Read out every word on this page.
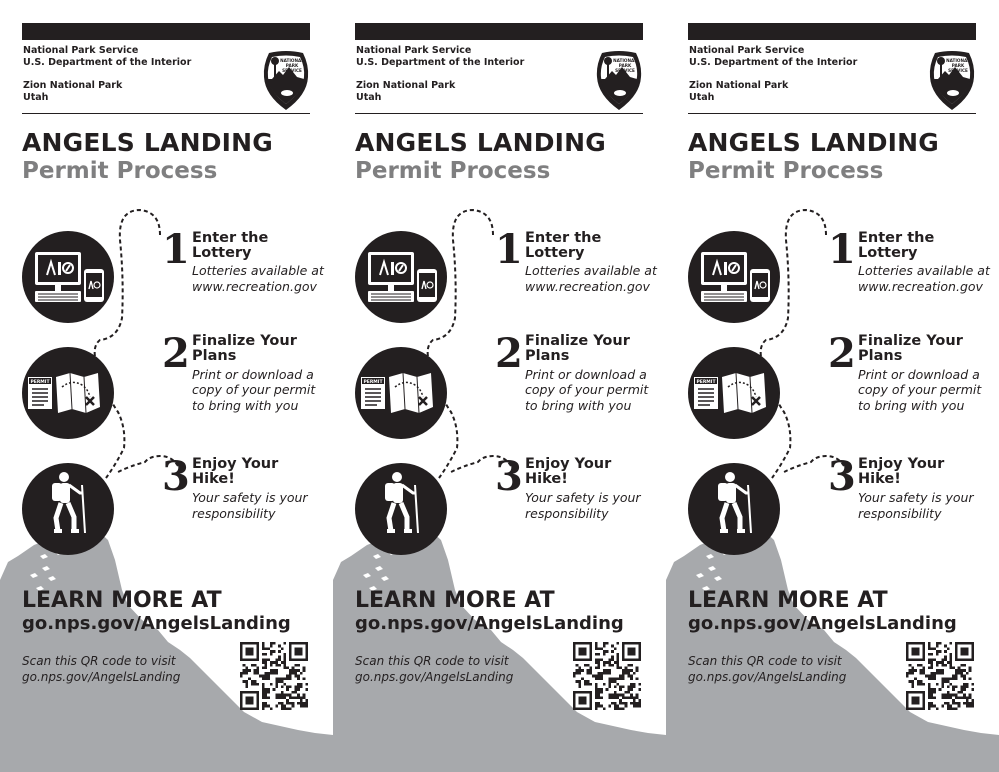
National Park Service
U.S. Department of the Interior
Zion National Park
Utah
NATIONAL
PARK
SERVICE
ANGELS LANDING
Permit Process
PERMIT
1 Enter the
Lottery
Lotteries available at
www.recreation.gov
2 Finalize Your
Plans
Print or download a
copy of your permit
to bring with you
3 Enjoy Your
Hike!
Your safety is your
responsibility
LEARN MORE AT
go.nps.gov/AngelsLanding
Scan this QR code to visit
go.nps.gov/AngelsLanding
National Park Service
U.S. Department of the Interior
Zion National Park
Utah
NATIONAL
PARK
SERVICE
ANGELS LANDING
Permit Process
PERMIT
1 Enter the
Lottery
Lotteries available at
www.recreation.gov
2 Finalize Your
Plans
Print or download a
copy of your permit
to bring with you
3 Enjoy Your
Hike!
Your safety is your
responsibility
LEARN MORE AT
go.nps.gov/AngelsLanding
Scan this QR code to visit
go.nps.gov/AngelsLanding
National Park Service
U.S. Department of the Interior
Zion National Park
Utah
NATIONAL
PARK
SERVICE
ANGELS LANDING
Permit Process
PERMIT
1 Enter the
Lottery
Lotteries available at
www.recreation.gov
2 Finalize Your
Plans
Print or download a
copy of your permit
to bring with you
3 Enjoy Your
Hike!
Your safety is your
responsibility
LEARN MORE AT
go.nps.gov/AngelsLanding
Scan this QR code to visit
go.nps.gov/AngelsLanding
